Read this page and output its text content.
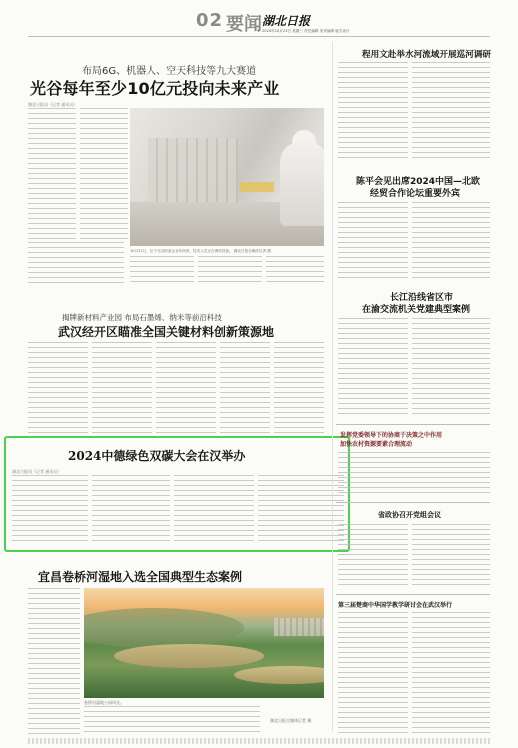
02 要闻 湖北日报
2024年10月23日 星期三 责任编辑 美术编辑 版式设计
布局6G、机器人、空天科技等九大赛道
光谷每年至少10亿元投向未来产业
湖北日报讯（记者 通讯员）
10月22日，位于光谷的某企业车间里，技术人员正在调试设备。 湖北日报全媒体记者 摄
揭牌新材料产业园 布局石墨烯、纳米等前沿科技
武汉经开区瞄准全国关键材料创新策源地
2024中德绿色双碳大会在汉举办
湖北日报讯（记者 通讯员）
宜昌卷桥河湿地入选全国典型生态案例
卷桥河湿地公园风光。
湖北日报全媒体记者 摄
程用文赴举水河流域开展巡河调研
陈平会见出席2024中国—北欧
经贸合作论坛重要外宾
长江沿线省区市
在渝交流机关党建典型案例
发挥党委领导下的协商于决策之中作用
加快农村资源要素合理流动
省政协召开党组会议
第三届楚商中华国学教学研讨会在武汉举行
